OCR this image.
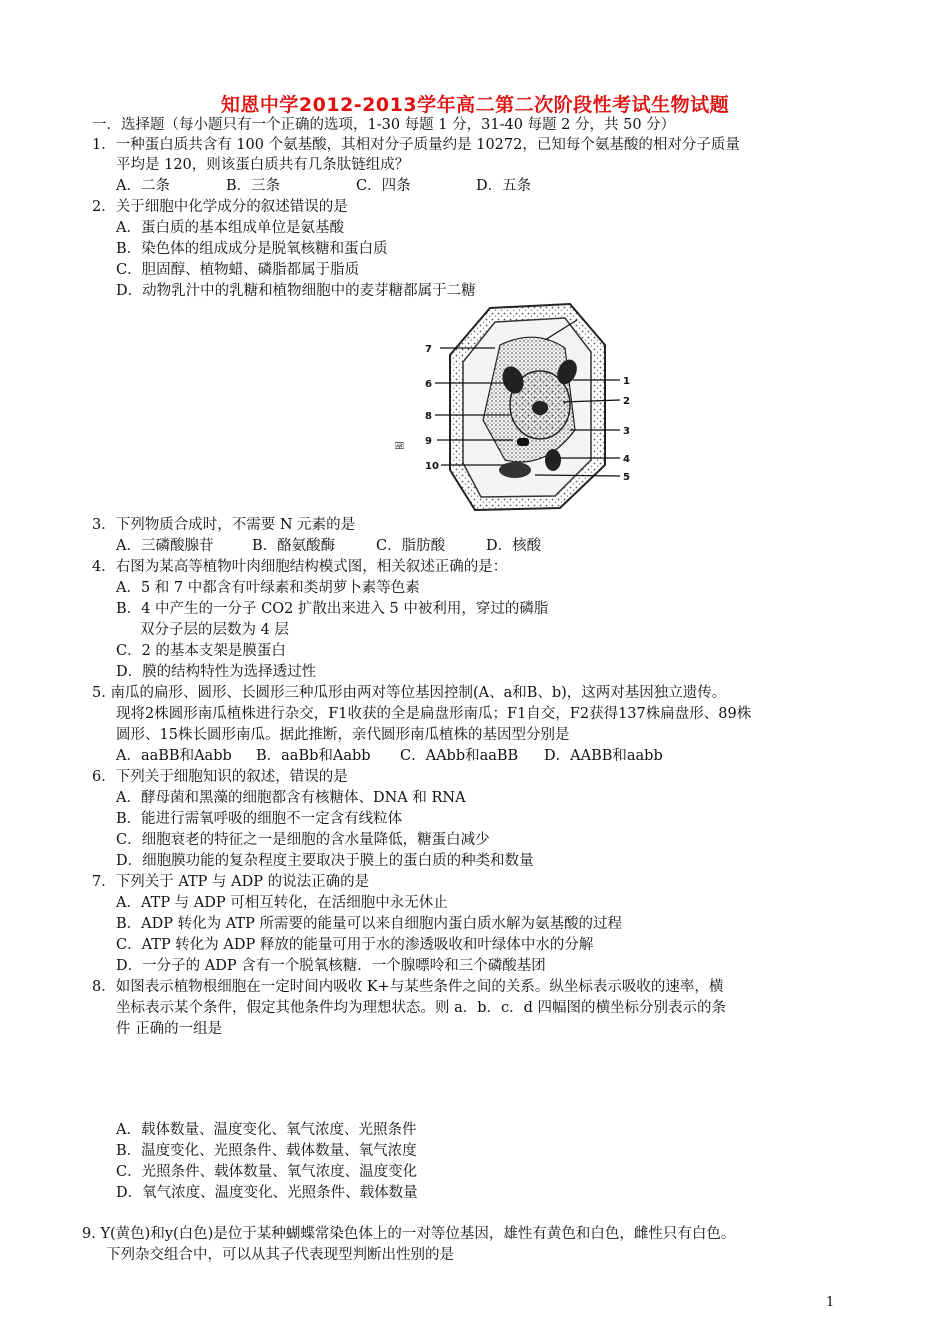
知恩中学2012-2013学年高二第二次阶段性考试生物试题
一．选择题（每小题只有一个正确的选项，1-30 每题 1 分，31-40 每题 2 分，共 50 分）
1．一种蛋白质共含有 100 个氨基酸，其相对分子质量约是 10272，已知每个氨基酸的相对分子质量
平均是 120，则该蛋白质共有几条肽链组成？
A．二条	B．三条	C．四条	D．五条
2．关于细胞中化学成分的叙述错误的是
A．蛋白质的基本组成单位是氨基酸
B．染色体的组成成分是脱氧核糖和蛋白质
C．胆固醇、植物蜡、磷脂都属于脂质
D．动物乳汁中的乳糖和植物细胞中的麦芽糖都属于二糖
7
6
8
9
10
1
2
3
4
5
图
3．下列物质合成时，不需要 N 元素的是
A．三磷酸腺苷	B．酪氨酸酶	C．脂肪酸	D．核酸
4．右图为某高等植物叶肉细胞结构模式图，相关叙述正确的是：
A．5 和 7 中都含有叶绿素和类胡萝卜素等色素
B．4 中产生的一分子 CO2 扩散出来进入 5 中被利用，穿过的磷脂
双分子层的层数为 4 层
C．2 的基本支架是膜蛋白
D．膜的结构特性为选择透过性
5. 南瓜的扁形、圆形、长圆形三种瓜形由两对等位基因控制(A、a和B、b)，这两对基因独立遗传。
现将2株圆形南瓜植株进行杂交，F1收获的全是扁盘形南瓜；F1自交，F2获得137株扁盘形、89株
圆形、15株长圆形南瓜。据此推断，亲代圆形南瓜植株的基因型分别是
A．aaBB和Aabb B．aaBb和Aabb C．AAbb和aaBB D．AABB和aabb
6．下列关于细胞知识的叙述，错误的是
A．酵母菌和黑藻的细胞都含有核糖体、DNA 和 RNA
B．能进行需氧呼吸的细胞不一定含有线粒体
C．细胞衰老的特征之一是细胞的含水量降低，糖蛋白减少
D．细胞膜功能的复杂程度主要取决于膜上的蛋白质的种类和数量
7．下列关于 ATP 与 ADP 的说法正确的是
A．ATP 与 ADP 可相互转化，在活细胞中永无休止
B．ADP 转化为 ATP 所需要的能量可以来自细胞内蛋白质水解为氨基酸的过程
C．ATP 转化为 ADP 释放的能量可用于水的渗透吸收和叶绿体中水的分解
D．一分子的 ADP 含有一个脱氧核糖．一个腺嘌呤和三个磷酸基团
8．如图表示植物根细胞在一定时间内吸收 K+与某些条件之间的关系。纵坐标表示吸收的速率，横
坐标表示某个条件，假定其他条件均为理想状态。则 a．b．c．d 四幅图的横坐标分别表示的条
件 正确的一组是
A．载体数量、温度变化、氧气浓度、光照条件
B．温度变化、光照条件、载体数量、氧气浓度
C．光照条件、载体数量、氧气浓度、温度变化
D．氧气浓度、温度变化、光照条件、载体数量
9. Y(黄色)和y(白色)是位于某种蝴蝶常染色体上的一对等位基因，雄性有黄色和白色，雌性只有白色。
下列杂交组合中，可以从其子代表现型判断出性别的是
1
